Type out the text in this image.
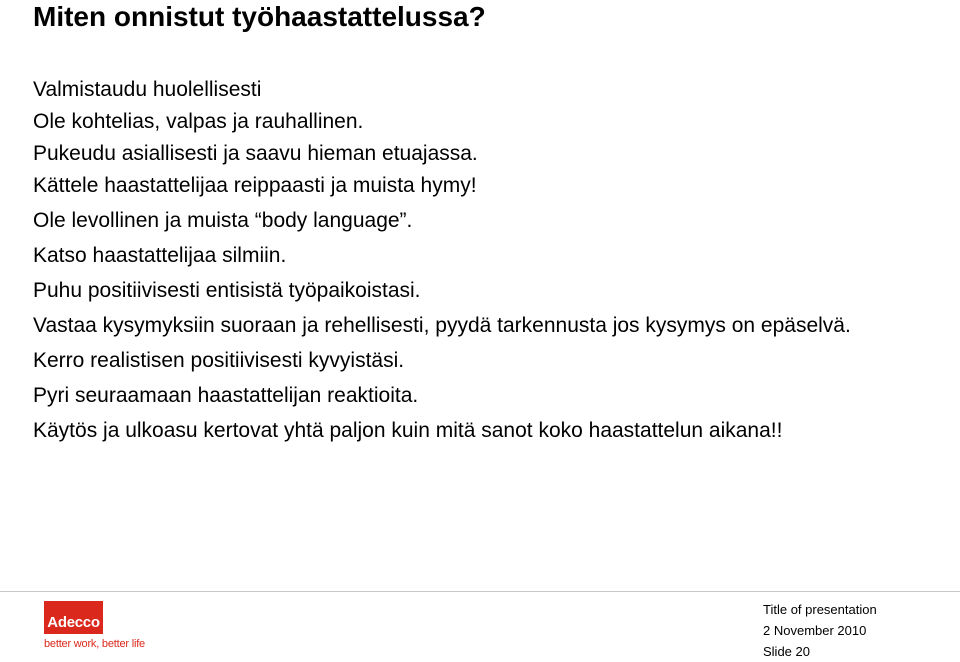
Miten onnistut työhaastattelussa?
Valmistaudu huolellisesti
Ole kohtelias, valpas ja rauhallinen.
Pukeudu asiallisesti ja saavu hieman etuajassa.
Kättele haastattelijaa reippaasti ja muista hymy!
Ole levollinen ja muista “body language”.
Katso haastattelijaa silmiin.
Puhu positiivisesti entisistä työpaikoistasi.
Vastaa kysymyksiin suoraan ja rehellisesti, pyydä tarkennusta jos kysymys on epäselvä.
Kerro realistisen positiivisesti kyvyistäsi.
Pyri seuraamaan haastattelijan reaktioita.
Käytös ja ulkoasu kertovat yhtä paljon kuin mitä sanot koko haastattelun aikana!!
Adecco
better work, better life
Title of presentation
2 November 2010
Slide 20
